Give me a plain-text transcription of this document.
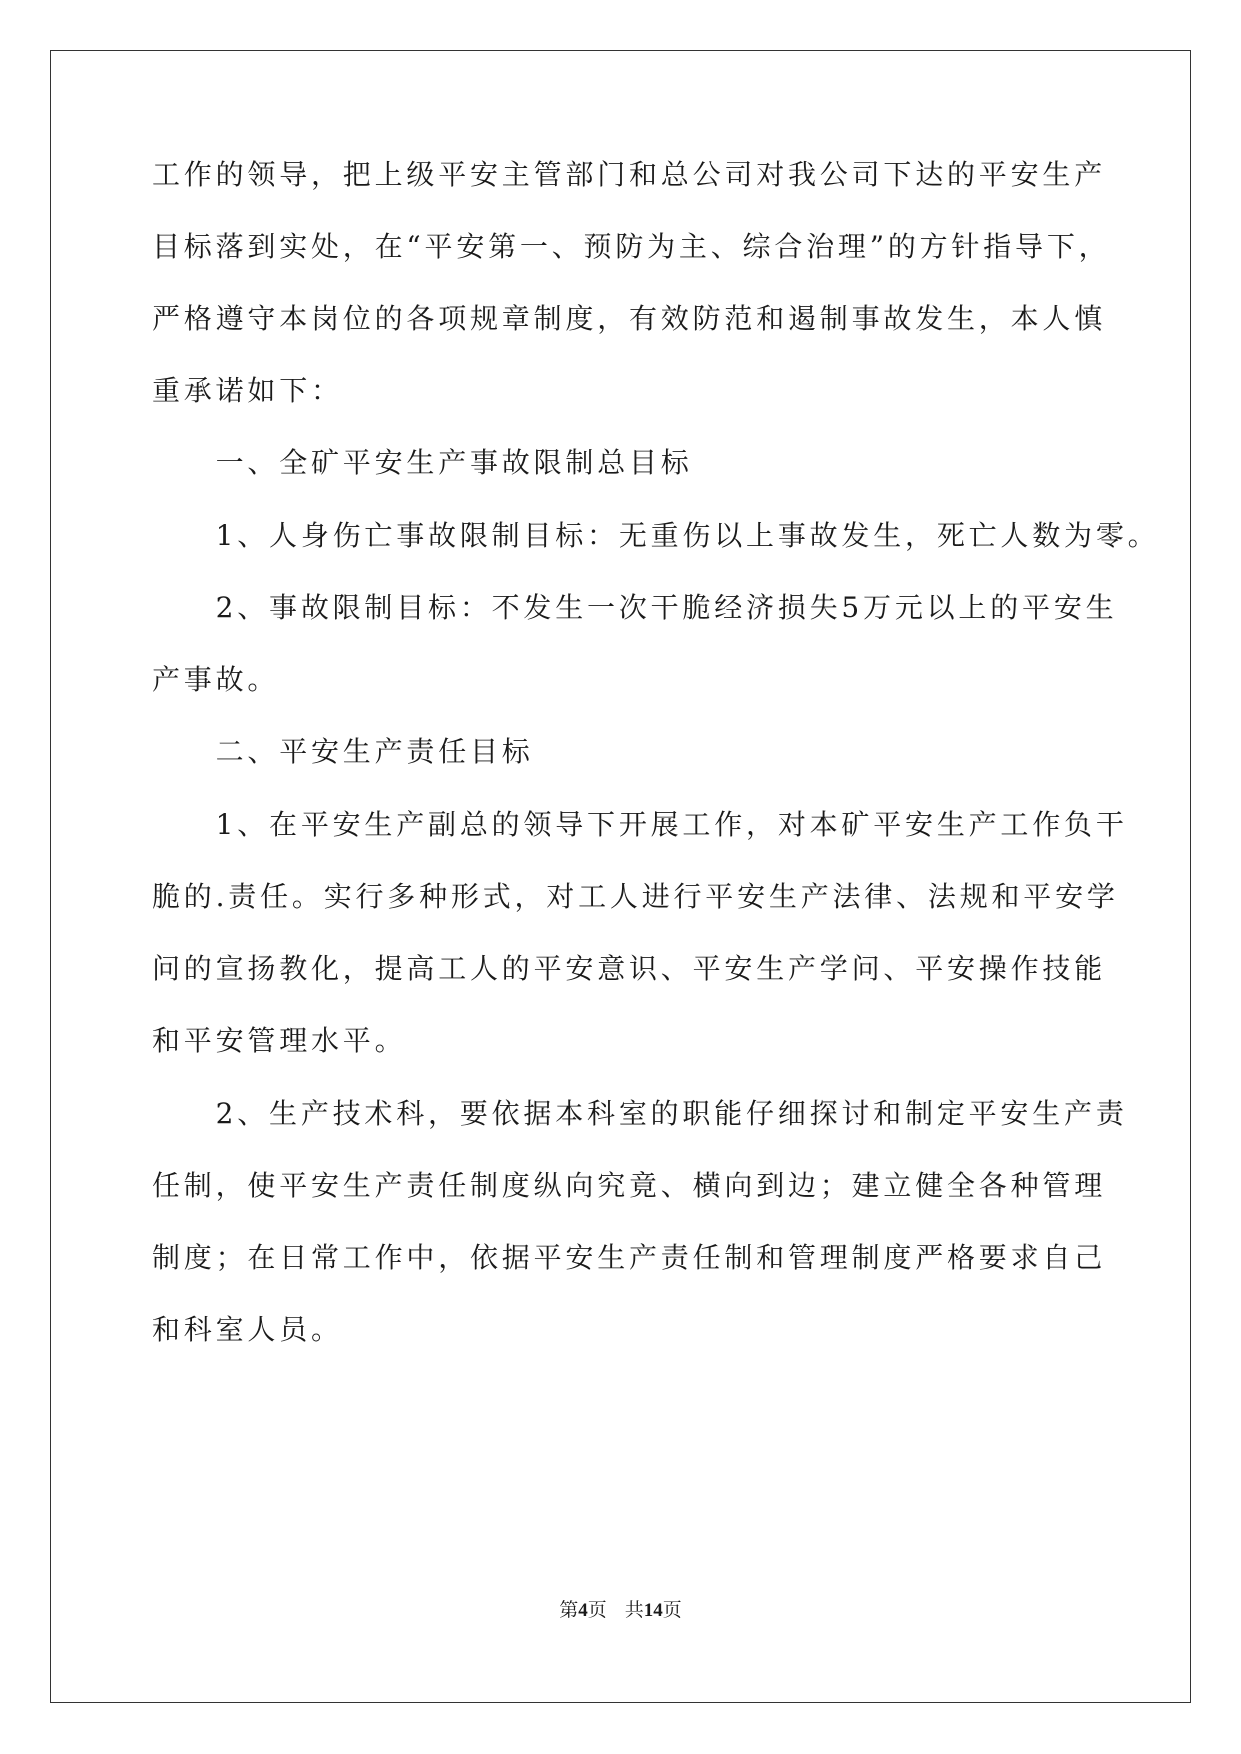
工作的领导，把上级平安主管部门和总公司对我公司下达的平安生产
目标落到实处，在“平安第一、预防为主、综合治理”的方针指导下，
严格遵守本岗位的各项规章制度，有效防范和遏制事故发生，本人慎
重承诺如下：
　　一、全矿平安生产事故限制总目标
　　1、人身伤亡事故限制目标：无重伤以上事故发生，死亡人数为零。
　　2、事故限制目标：不发生一次干脆经济损失5万元以上的平安生
产事故。
　　二、平安生产责任目标
　　1、在平安生产副总的领导下开展工作，对本矿平安生产工作负干
脆的.责任。实行多种形式，对工人进行平安生产法律、法规和平安学
问的宣扬教化，提高工人的平安意识、平安生产学问、平安操作技能
和平安管理水平。
　　2、生产技术科，要依据本科室的职能仔细探讨和制定平安生产责
任制，使平安生产责任制度纵向究竟、横向到边；建立健全各种管理
制度；在日常工作中，依据平安生产责任制和管理制度严格要求自己
和科室人员。
第4页 共14页
